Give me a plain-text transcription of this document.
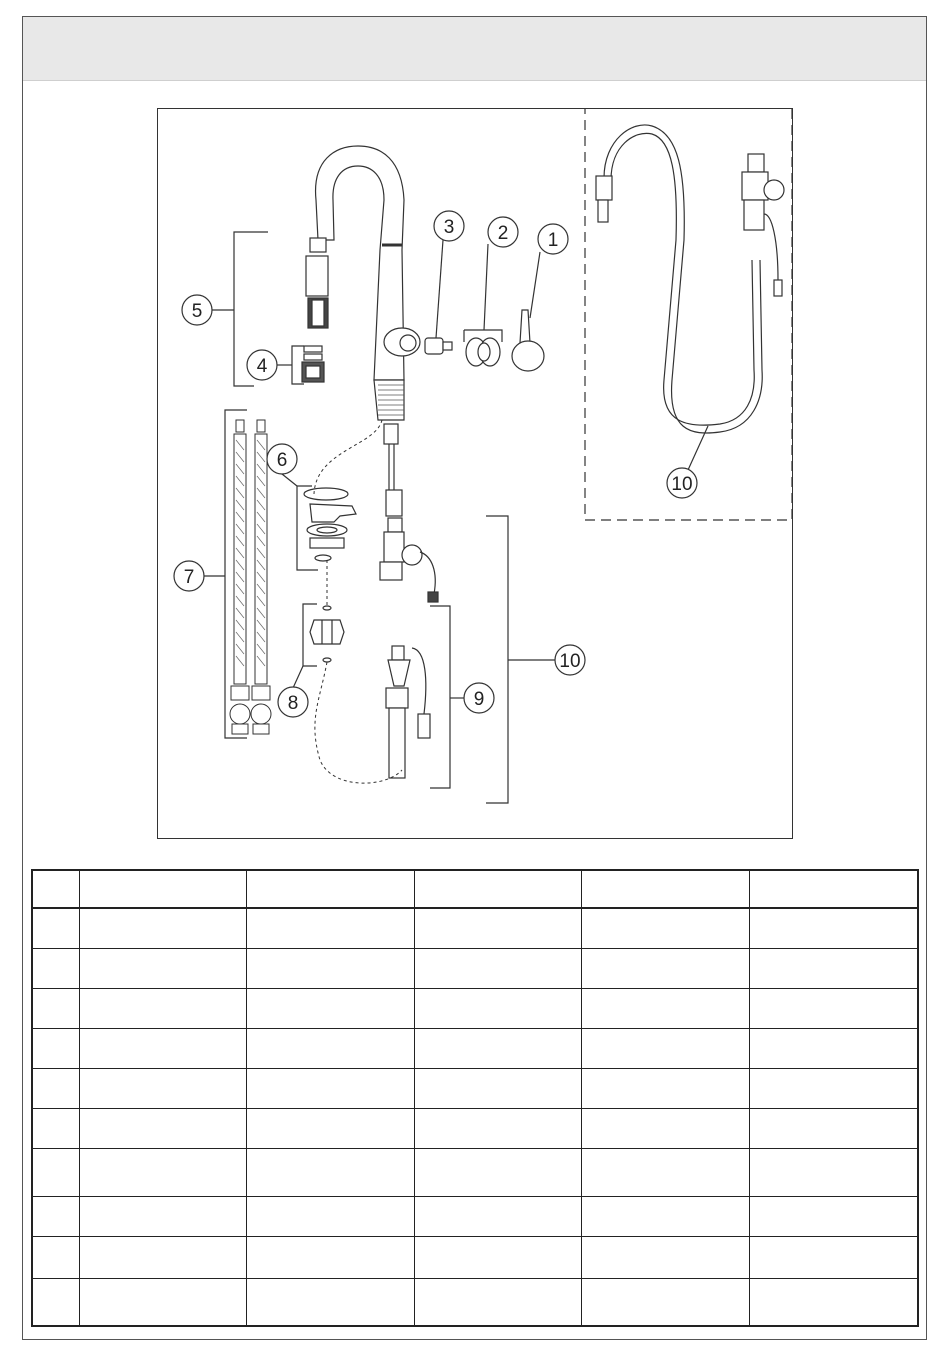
1
2
3
4
5
6
7
8	9
10
10
